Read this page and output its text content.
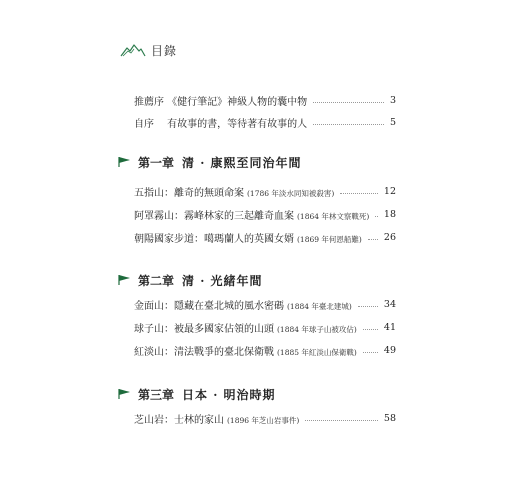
目錄
推薦序 《健行筆記》神級人物的囊中物	3
自序　 有故事的書，等待著有故事的人	5
第一章 清 · 康熙至同治年間
五指山：離奇的無頭命案 (1786 年淡水同知被殺害)	12
阿罩霧山：霧峰林家的三起離奇血案 (1864 年林文察戰死) 18
朝陽國家步道：噶瑪蘭人的英國女婿 (1869 年何恩船難) 26
第二章 清 · 光緒年間
金面山：隱藏在臺北城的風水密碼 (1884 年臺北建城)	34
球子山：被最多國家佔領的山頭 (1884 年球子山被攻佔)	41
紅淡山：清法戰爭的臺北保衛戰 (1885 年紅淡山保衛戰)	49
第三章 日本 · 明治時期
芝山岩：士林的家山 (1896 年芝山岩事件)	58
